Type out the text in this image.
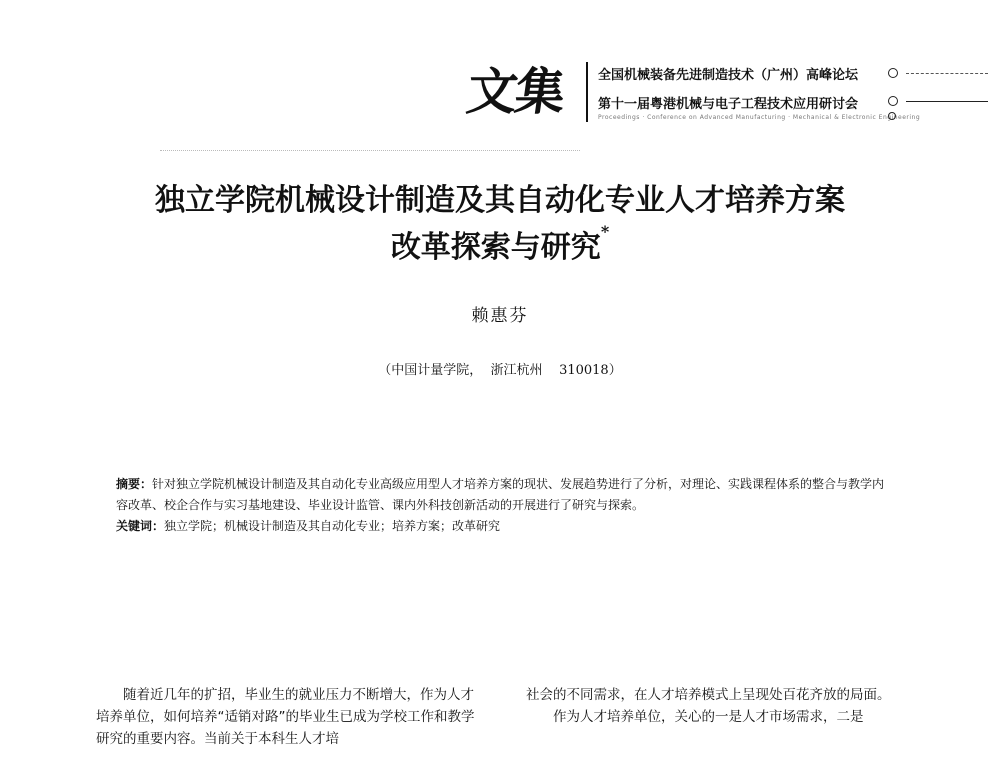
文集 全国机械装备先进制造技术（广州）高峰论坛
第十一届粤港机械与电子工程技术应用研讨会
Proceedings · Conference on Advanced Manufacturing · Mechanical & Electronic Engineering
独立学院机械设计制造及其自动化专业人才培养方案
改革探索与研究*
赖惠芬
（中国计量学院，  浙江杭州    310018）
摘要：针对独立学院机械设计制造及其自动化专业高级应用型人才培养方案的现状、发展趋势进行了分析，对理论、实践课程体系的整合与教学内容改革、校企合作与实习基地建设、毕业设计监管、课内外科技创新活动的开展进行了研究与探索。
关键词：独立学院；机械设计制造及其自动化专业；培养方案；改革研究

随着近几年的扩招，毕业生的就业压力不断增大，作为人才培养单位，如何培养“适销对路”的毕业生已成为学校工作和教学研究的重要内容。当前关于本科生人才培

社会的不同需求，在人才培养模式上呈现处百花齐放的局面。

作为人才培养单位，关心的一是人才市场需求，二是
